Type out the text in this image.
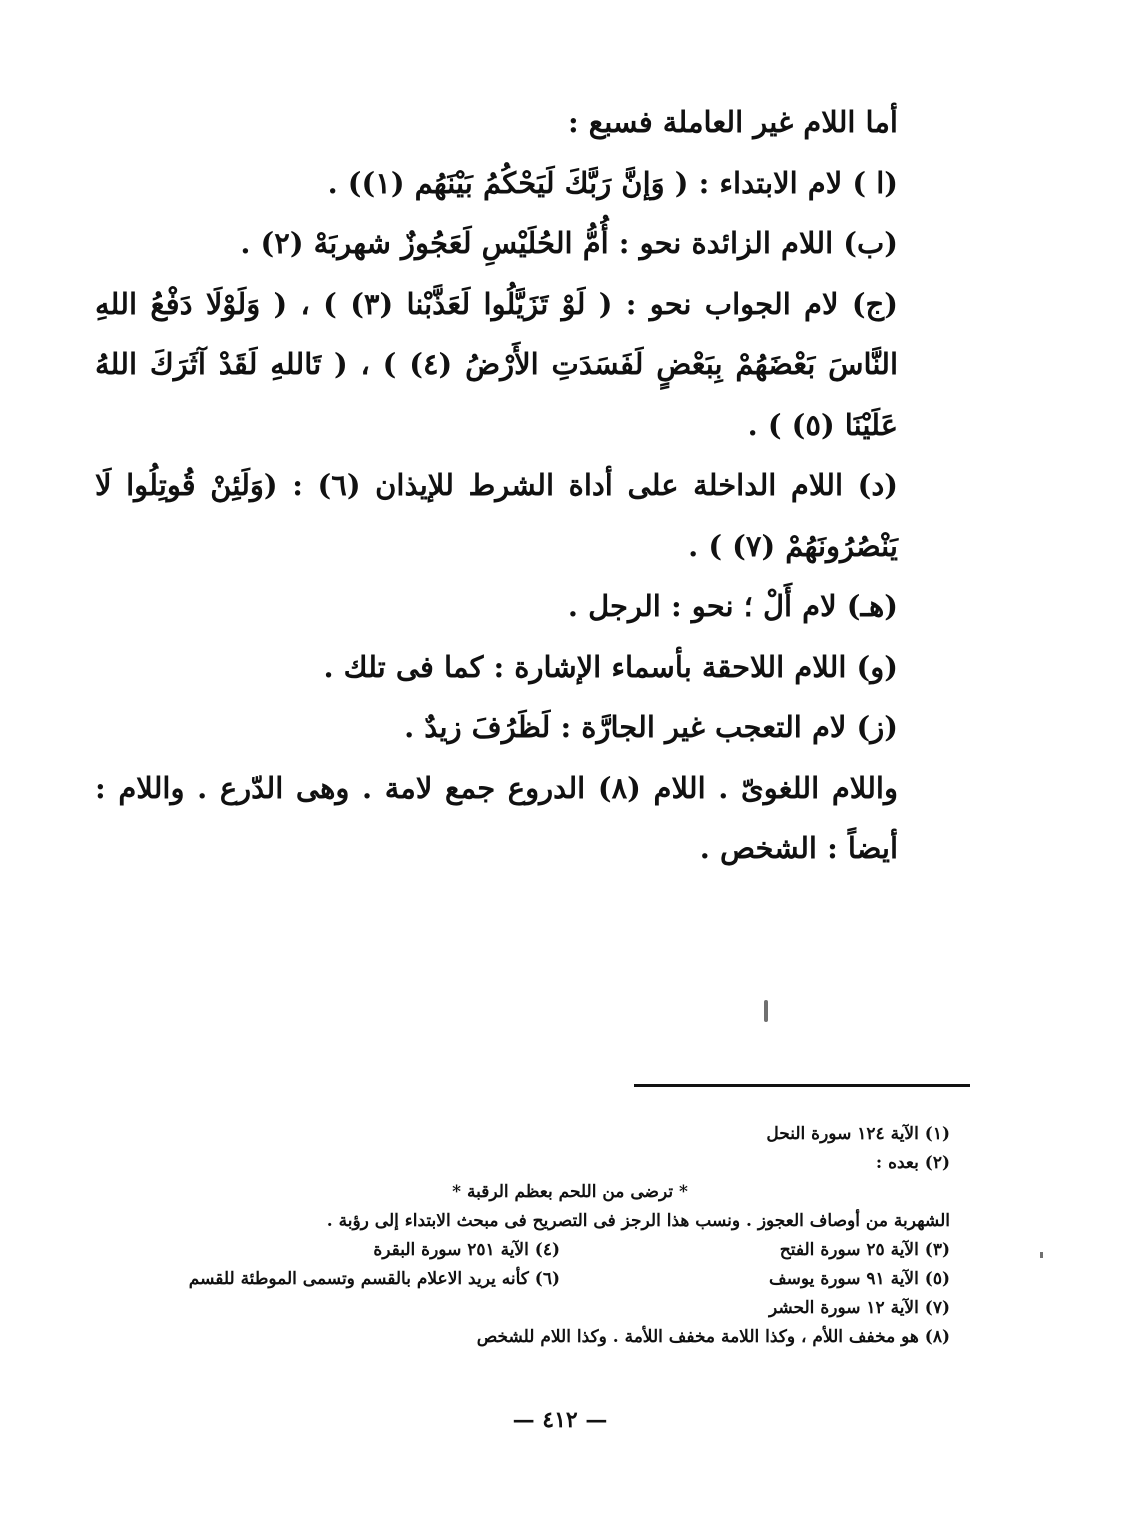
أما اللام غير العاملة فسبع :

(ا ) لام الابتداء : ( وَإنَّ رَبَّكَ لَيَحْكُمُ بَيْنَهُم (١)) .

(ب) اللام الزائدة نحو : أُمُّ الحُلَيْسِ لَعَجُوزٌ شهربَهْ (٢) .

(ج) لام الجواب نحو : ( لَوْ تَزَيَّلُوا لَعَذَّبْنا (٣) ) ، ( وَلَوْلَا دَفْعُ اللهِ النَّاسَ بَعْضَهُمْ بِبَعْضٍ لَفَسَدَتِ الأَرْضُ (٤) ) ، ( تَاللهِ لَقَدْ آثَرَكَ اللهُ عَلَيْنَا (٥) ) .

(د) اللام الداخلة على أداة الشرط للإيذان (٦) : (وَلَئِنْ قُوتِلُوا لَا يَنْصُرُونَهُمْ (٧) ) .

(هـ) لام أَلْ ؛ نحو : الرجل .

(و) اللام اللاحقة بأسماء الإشارة : كما فى تلك .

(ز) لام التعجب غير الجارَّة : لَظَرُفَ زيدٌ .

واللام اللغوىّ . اللام (٨) الدروع جمع لامة . وهى الدّرع . واللام : أيضاً : الشخص .

(١) الآية ١٢٤ سورة النحل
(٢) بعده :
* ترضى من اللحم بعظم الرقبة *
الشهربة من أوصاف العجوز . ونسب هذا الرجز فى التصريح فى مبحث الابتداء إلى رؤبة .
(٣) الآية ٢٥ سورة الفتح
(٤) الآية ٢٥١ سورة البقرة
(٥) الآية ٩١ سورة يوسف
(٦) كأنه يريد الاعلام بالقسم وتسمى الموطئة للقسم
(٧) الآية ١٢ سورة الحشر
(٨) هو مخفف اللأم ، وكذا اللامة مخفف اللأمة . وكذا اللام للشخص
— ٤١٢ —
